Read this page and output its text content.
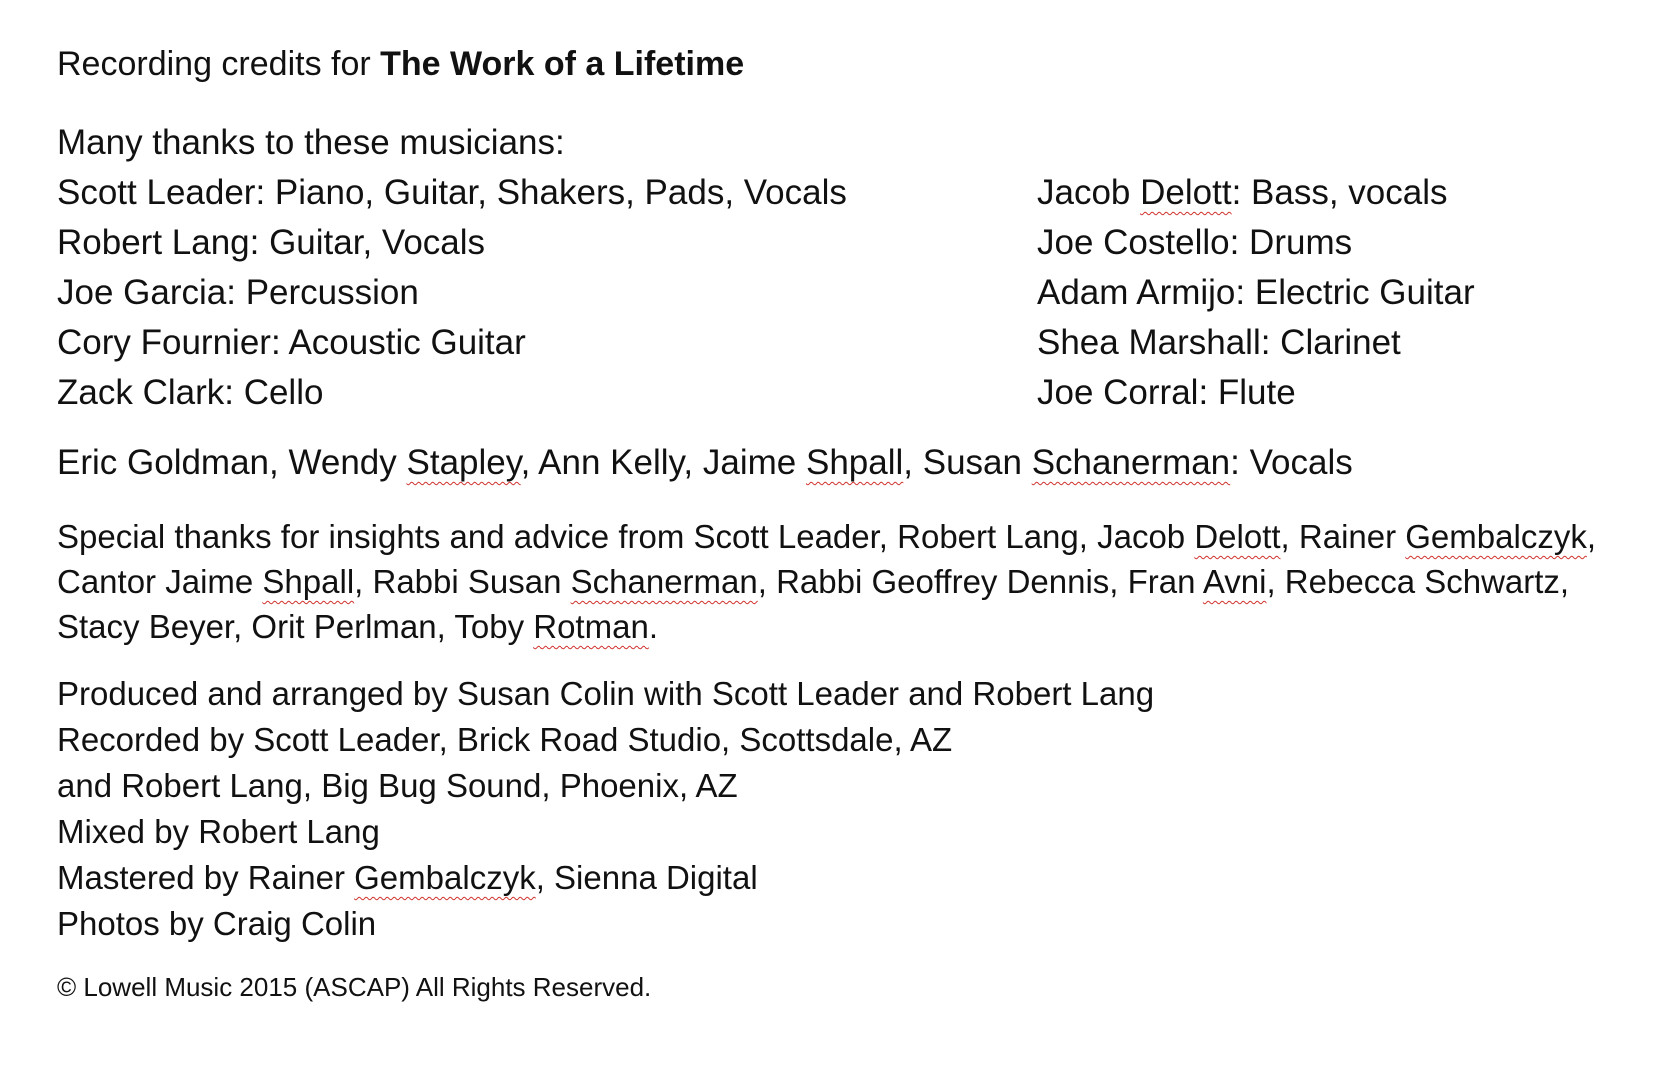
Recording credits for The Work of a Lifetime
Many thanks to these musicians:
Scott Leader: Piano, Guitar, Shakers, Pads, Vocals
Robert Lang: Guitar, Vocals
Joe Garcia: Percussion
Cory Fournier: Acoustic Guitar
Zack Clark: Cello
Jacob Delott: Bass, vocals
Joe Costello: Drums
Adam Armijo: Electric Guitar
Shea Marshall: Clarinet
Joe Corral: Flute
Eric Goldman, Wendy Stapley, Ann Kelly, Jaime Shpall, Susan Schanerman: Vocals
Special thanks for insights and advice from Scott Leader, Robert Lang, Jacob Delott, Rainer Gembalczyk,
Cantor Jaime Shpall, Rabbi Susan Schanerman, Rabbi Geoffrey Dennis, Fran Avni, Rebecca Schwartz,
Stacy Beyer, Orit Perlman, Toby Rotman.
Produced and arranged by Susan Colin with Scott Leader and Robert Lang
Recorded by Scott Leader, Brick Road Studio, Scottsdale, AZ
and Robert Lang, Big Bug Sound, Phoenix, AZ
Mixed by Robert Lang
Mastered by Rainer Gembalczyk, Sienna Digital
Photos by Craig Colin
© Lowell Music 2015 (ASCAP) All Rights Reserved.
